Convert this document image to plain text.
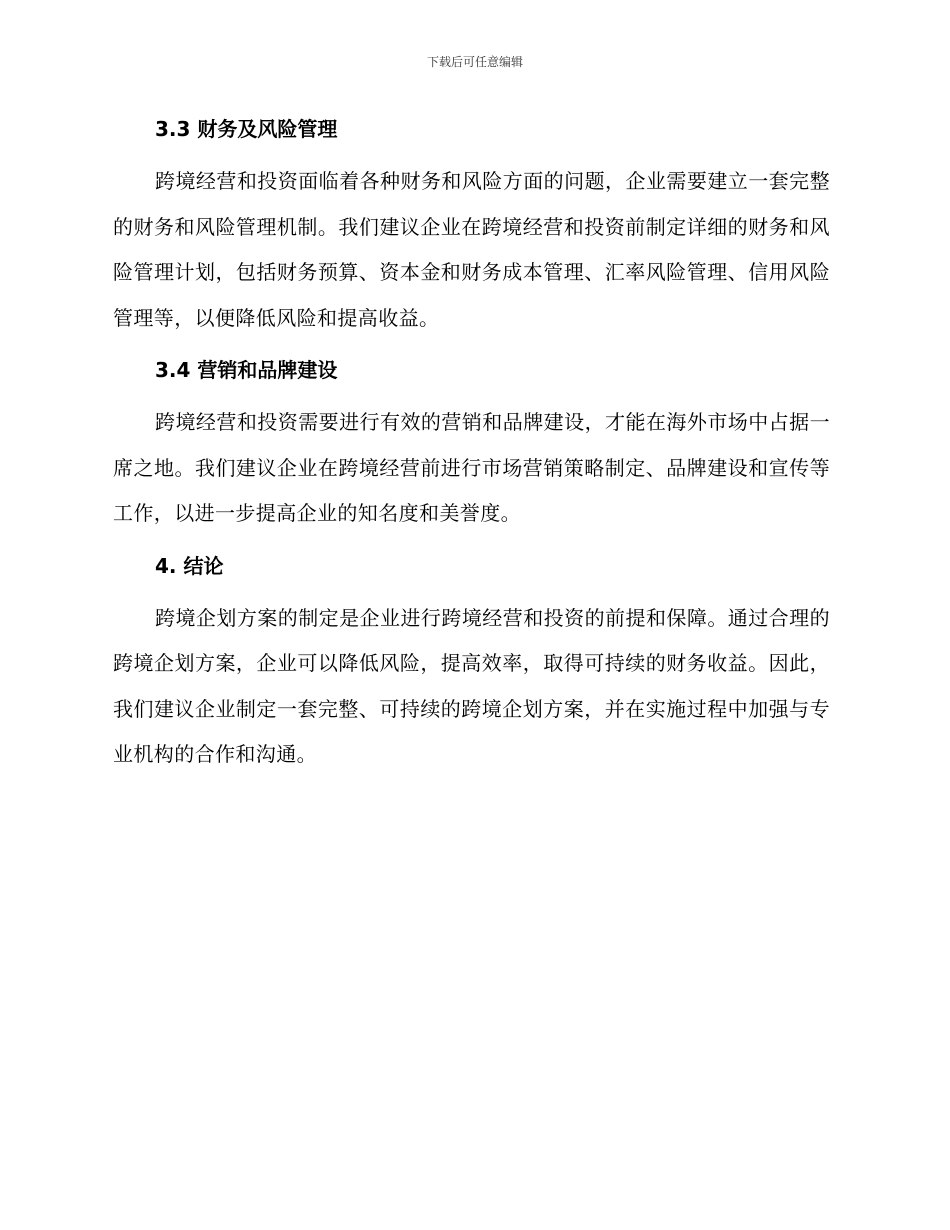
下载后可任意编辑
3.3 财务及风险管理

跨境经营和投资面临着各种财务和风险方面的问题，企业需要建立一套完整的财务和风险管理机制。我们建议企业在跨境经营和投资前制定详细的财务和风险管理计划，包括财务预算、资本金和财务成本管理、汇率风险管理、信用风险管理等，以便降低风险和提高收益。

3.4 营销和品牌建设

跨境经营和投资需要进行有效的营销和品牌建设，才能在海外市场中占据一席之地。我们建议企业在跨境经营前进行市场营销策略制定、品牌建设和宣传等工作，以进一步提高企业的知名度和美誉度。

4. 结论

跨境企划方案的制定是企业进行跨境经营和投资的前提和保障。通过合理的跨境企划方案，企业可以降低风险，提高效率，取得可持续的财务收益。因此，我们建议企业制定一套完整、可持续的跨境企划方案，并在实施过程中加强与专业机构的合作和沟通。
